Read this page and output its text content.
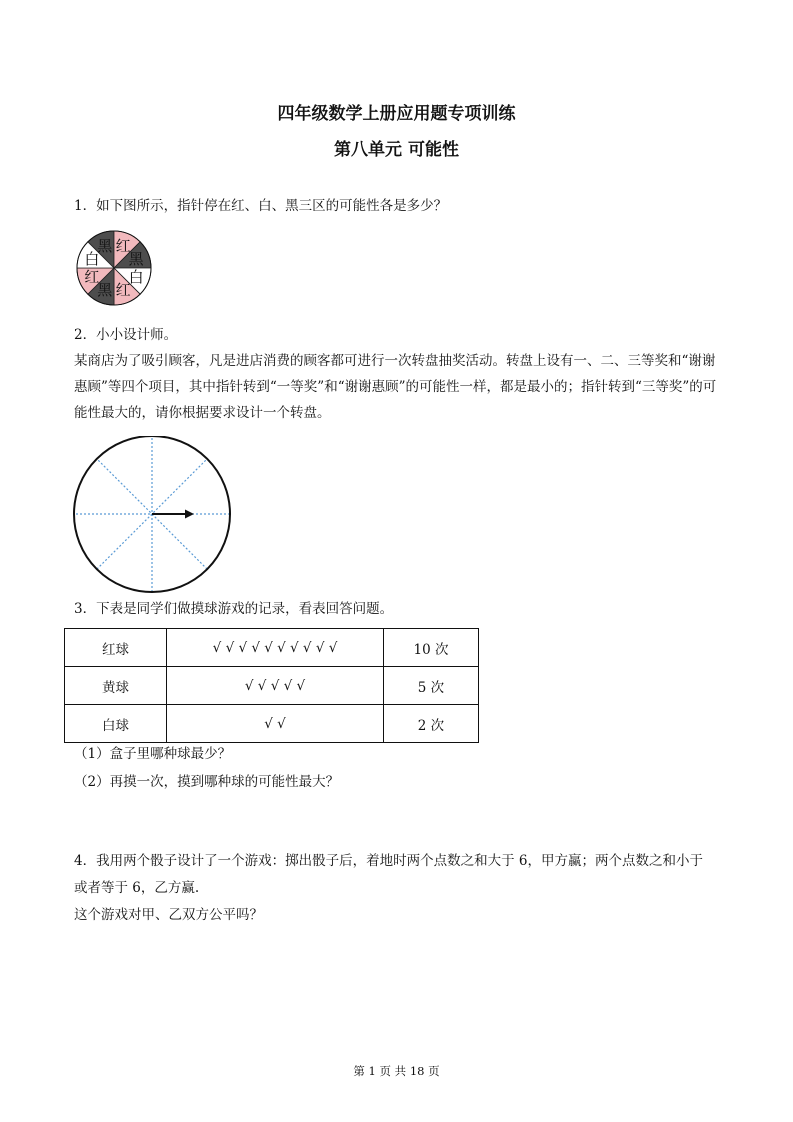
四年级数学上册应用题专项训练
第八单元 可能性
1．如下图所示，指针停在红、白、黑三区的可能性各是多少？
黑 红
黑
白
红
黑
红
白
2．小小设计师。
某商店为了吸引顾客，凡是进店消费的顾客都可进行一次转盘抽奖活动。转盘上设有一、二、三等奖和“谢谢惠顾”等四个项目，其中指针转到“一等奖”和“谢谢惠顾”的可能性一样，都是最小的；指针转到“三等奖”的可能性最大的，请你根据要求设计一个转盘。
3．下表是同学们做摸球游戏的记录，看表回答问题。
红球	√ √ √ √ √ √ √ √ √ √	10 次
黄球	√ √ √ √ √	5 次
白球	√ √	2 次
（1）盒子里哪种球最少？
（2）再摸一次，摸到哪种球的可能性最大？
4．我用两个骰子设计了一个游戏：掷出骰子后，着地时两个点数之和大于 6，甲方赢；两个点数之和小于
或者等于 6，乙方赢.
这个游戏对甲、乙双方公平吗？
第 1 页 共 18 页
